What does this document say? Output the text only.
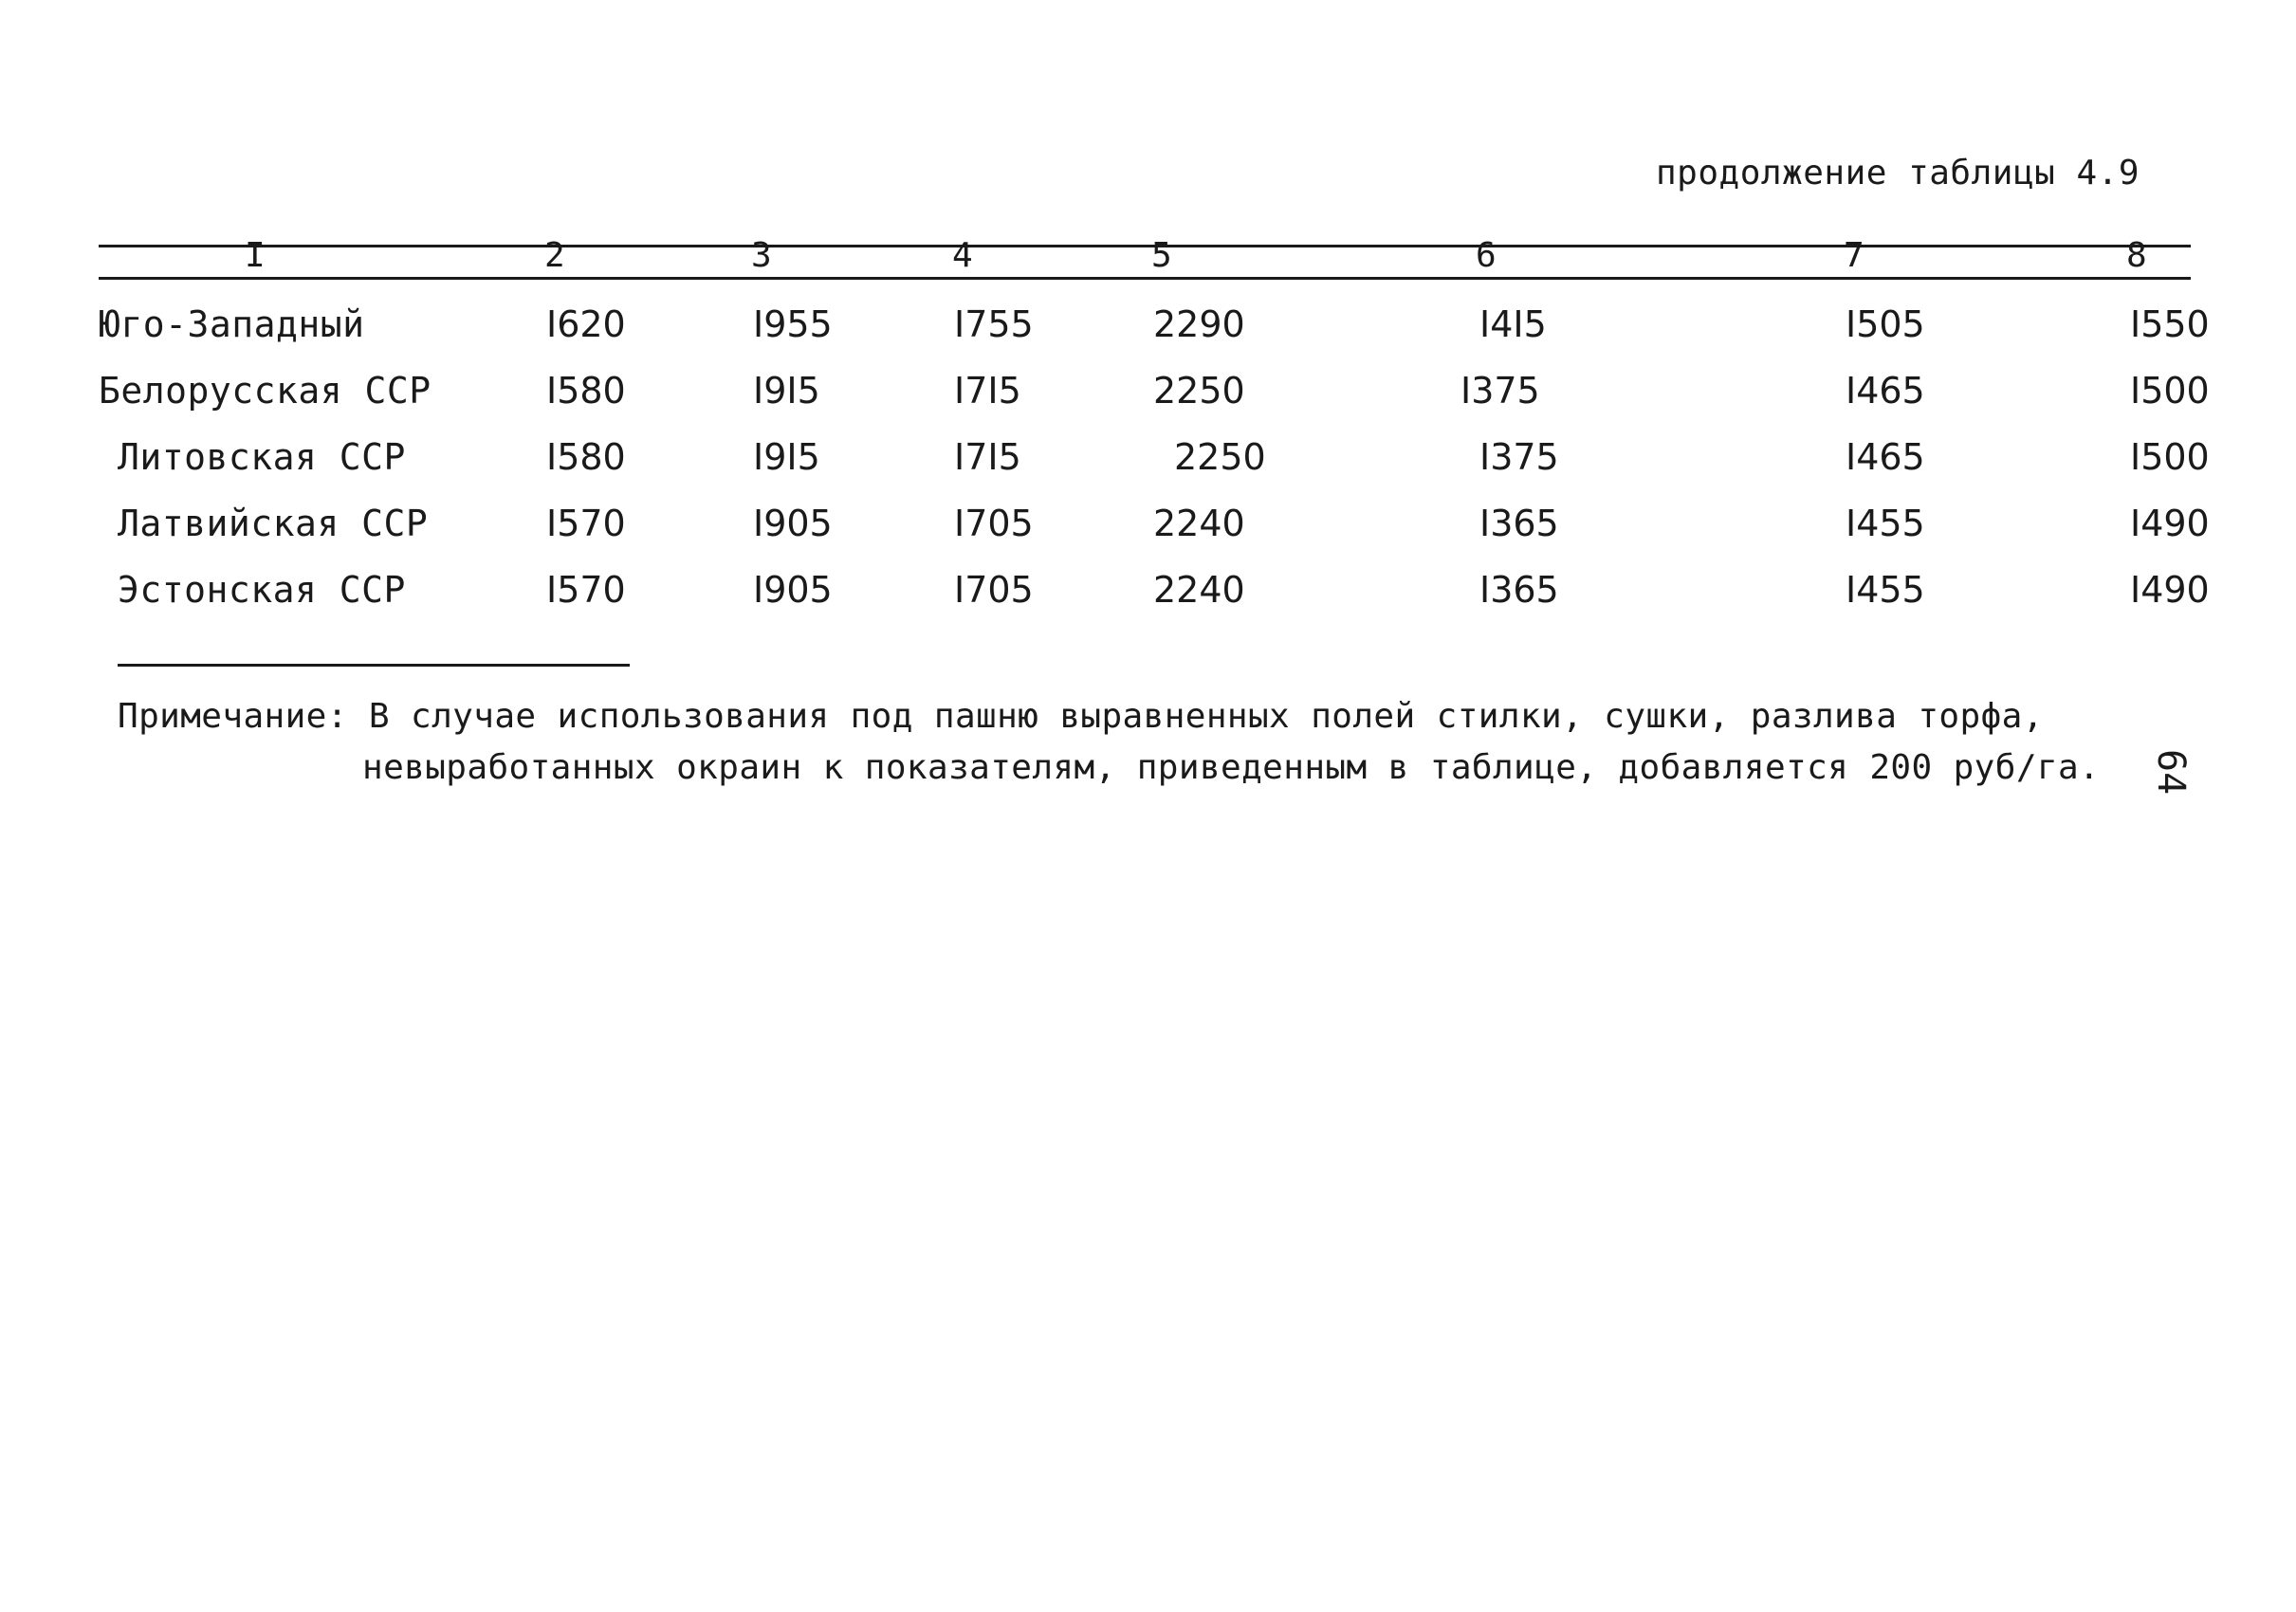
продолжение таблицы 4.9
I	2	3	4	5	6	7	8
Юго-Западный	I620	I955	I755	2290	I4I5	I505	I550
Белорусская ССР	I580	I9I5	I7I5	2250	I375	I465	I500
Литовская ССР	I580	I9I5	I7I5	2250	I375	I465	I500
Латвийская ССР	I570	I905	I705	2240	I365	I455	I490
Эстонская ССР	I570	I905	I705	2240	I365	I455	I490
Примечание: В случае использования под пашню выравненных полей стилки, сушки, разлива торфа,
невыработанных окраин к показателям, приведенным в таблице, добавляется 200 руб/га. 64
